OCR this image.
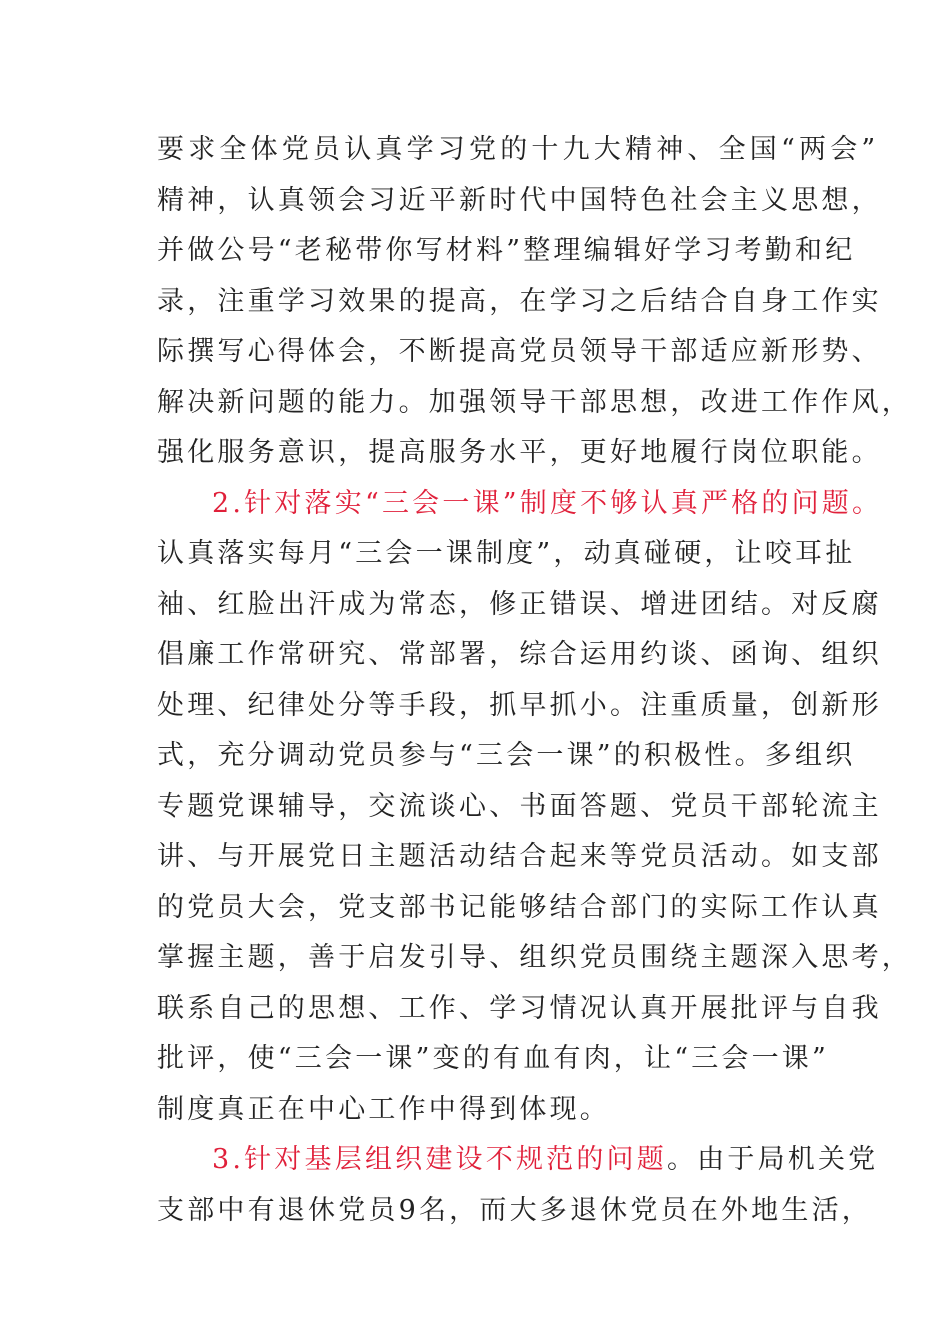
要求全体党员认真学习党的十九大精神、全国“两会”
精神，认真领会习近平新时代中国特色社会主义思想，
并做公号“老秘带你写材料”整理编辑好学习考勤和纪
录，注重学习效果的提高，在学习之后结合自身工作实
际撰写心得体会，不断提高党员领导干部适应新形势、
解决新问题的能力。加强领导干部思想，改进工作作风，
强化服务意识，提高服务水平，更好地履行岗位职能。
2.针对落实“三会一课”制度不够认真严格的问题。
认真落实每月“三会一课制度”，动真碰硬，让咬耳扯
袖、红脸出汗成为常态，修正错误、增进团结。对反腐
倡廉工作常研究、常部署，综合运用约谈、函询、组织
处理、纪律处分等手段，抓早抓小。注重质量，创新形
式，充分调动党员参与“三会一课”的积极性。多组织
专题党课辅导，交流谈心、书面答题、党员干部轮流主
讲、与开展党日主题活动结合起来等党员活动。如支部
的党员大会，党支部书记能够结合部门的实际工作认真
掌握主题，善于启发引导、组织党员围绕主题深入思考，
联系自己的思想、工作、学习情况认真开展批评与自我
批评，使“三会一课”变的有血有肉，让“三会一课”
制度真正在中心工作中得到体现。
3.针对基层组织建设不规范的问题。由于局机关党
支部中有退休党员9名，而大多退休党员在外地生活，
